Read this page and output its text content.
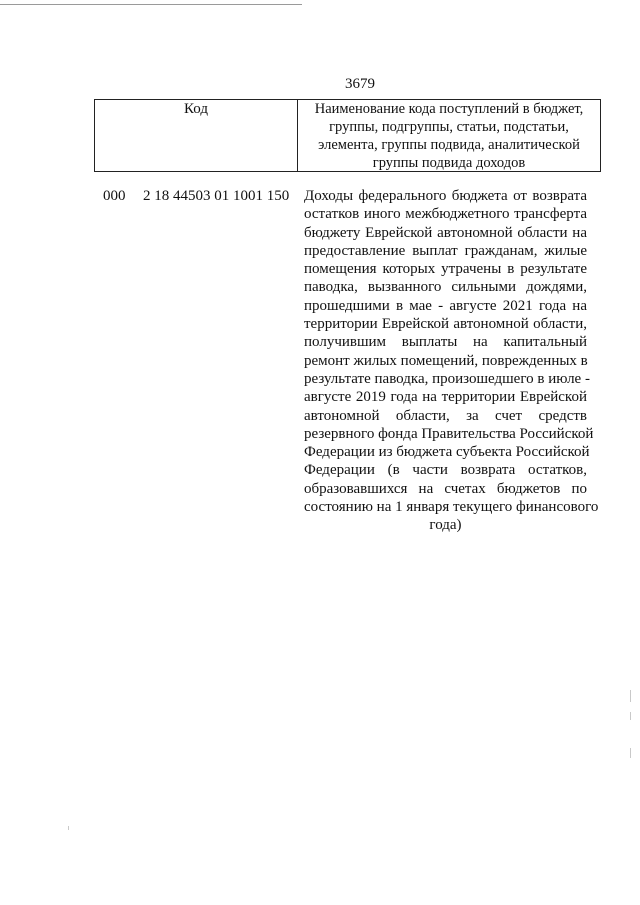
3679
Код	Наименование кода поступлений в бюджет, группы, подгруппы, статьи, подстатьи, элемента, группы подвида, аналитической группы подвида доходов
000 2 18 44503 01 1001 150 Доходы федерального бюджета от возврата
остатков иного межбюджетного трансферта
бюджету Еврейской автономной области на
предоставление выплат гражданам, жилые
помещения которых утрачены в результате
паводка, вызванного сильными дождями,
прошедшими в мае - августе 2021 года на
территории Еврейской автономной области,
получившим выплаты на капитальный
ремонт жилых помещений, поврежденных в
результате паводка, произошедшего в июле -
августе 2019 года на территории Еврейской
автономной области, за счет средств
резервного фонда Правительства Российской
Федерации из бюджета субъекта Российской
Федерации (в части возврата остатков,
образовавшихся на счетах бюджетов по
состоянию на 1 января текущего финансового
года)
